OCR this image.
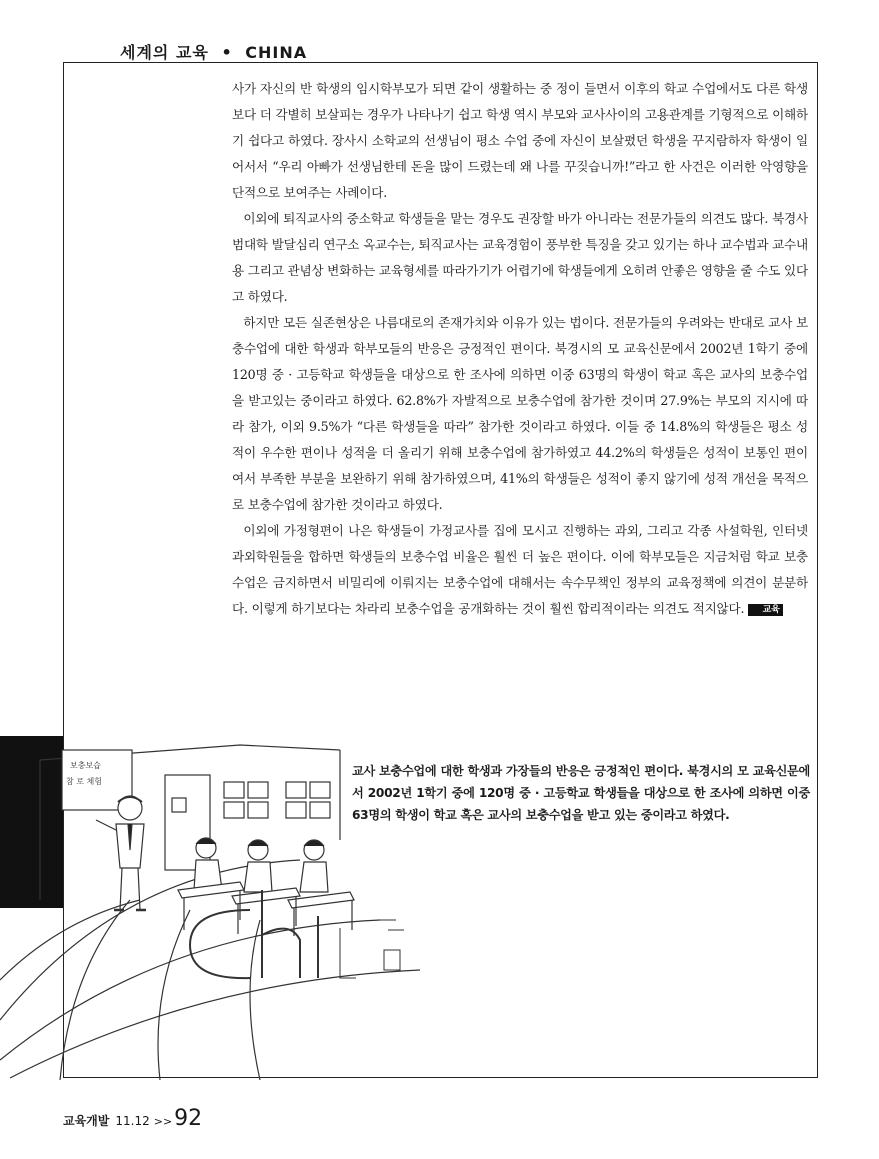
세계의 교육 • CHINA

사가 자신의 반 학생의 임시학부모가 되면 같이 생활하는 중 정이 들면서 이후의 학교 수업에서도 다른 학생보다 더 각별히 보살피는 경우가 나타나기 쉽고 학생 역시 부모와 교사사이의 고용관계를 기형적으로 이해하기 쉽다고 하였다. 장사시 소학교의 선생님이 평소 수업 중에 자신이 보살폈던 학생을 꾸지람하자 학생이 일어서서 “우리 아빠가 선생님한테 돈을 많이 드렸는데 왜 나를 꾸짖습니까!”라고 한 사건은 이러한 악영향을 단적으로 보여주는 사례이다.

이외에 퇴직교사의 중소학교 학생들을 맡는 경우도 권장할 바가 아니라는 전문가들의 의견도 많다. 북경사범대학 발달심리 연구소 옥교수는, 퇴직교사는 교육경험이 풍부한 특징을 갖고 있기는 하나 교수법과 교수내용 그리고 관념상 변화하는 교육형세를 따라가기가 어렵기에 학생들에게 오히려 안좋은 영향을 줄 수도 있다고 하였다.

하지만 모든 실존현상은 나름대로의 존재가치와 이유가 있는 법이다. 전문가들의 우려와는 반대로 교사 보충수업에 대한 학생과 학부모들의 반응은 긍정적인 편이다. 북경시의 모 교육신문에서 2002년 1학기 중에 120명 중 · 고등학교 학생들을 대상으로 한 조사에 의하면 이중 63명의 학생이 학교 혹은 교사의 보충수업을 받고있는 중이라고 하였다. 62.8%가 자발적으로 보충수업에 참가한 것이며 27.9%는 부모의 지시에 따라 참가, 이외 9.5%가 “다른 학생들을 따라” 참가한 것이라고 하였다. 이들 중 14.8%의 학생들은 평소 성적이 우수한 편이나 성적을 더 올리기 위해 보충수업에 참가하였고 44.2%의 학생들은 성적이 보통인 편이여서 부족한 부분을 보완하기 위해 참가하였으며, 41%의 학생들은 성적이 좋지 않기에 성적 개선을 목적으로 보충수업에 참가한 것이라고 하였다.

이외에 가정형편이 나은 학생들이 가정교사를 집에 모시고 진행하는 과외, 그리고 각종 사설학원, 인터넷 과외학원들을 합하면 학생들의 보충수업 비율은 훨씬 더 높은 편이다. 이에 학부모들은 지금처럼 학교 보충수업은 금지하면서 비밀리에 이뤄지는 보충수업에 대해서는 속수무책인 정부의 교육정책에 의견이 분분하다. 이렇게 하기보다는 차라리 보충수업을 공개화하는 것이 훨씬 합리적이라는 의견도 적지않다. 교육

보충보습
참 로 체험
교사 보충수업에 대한 학생과 가장들의 반응은 긍정적인 편이다. 북경시의 모 교육신문에서 2002년 1학기 중에 120명 중 · 고등학교 학생들을 대상으로 한 조사에 의하면 이중 63명의 학생이 학교 혹은 교사의 보충수업을 받고 있는 중이라고 하였다.
교육개발 11.12 >>92
